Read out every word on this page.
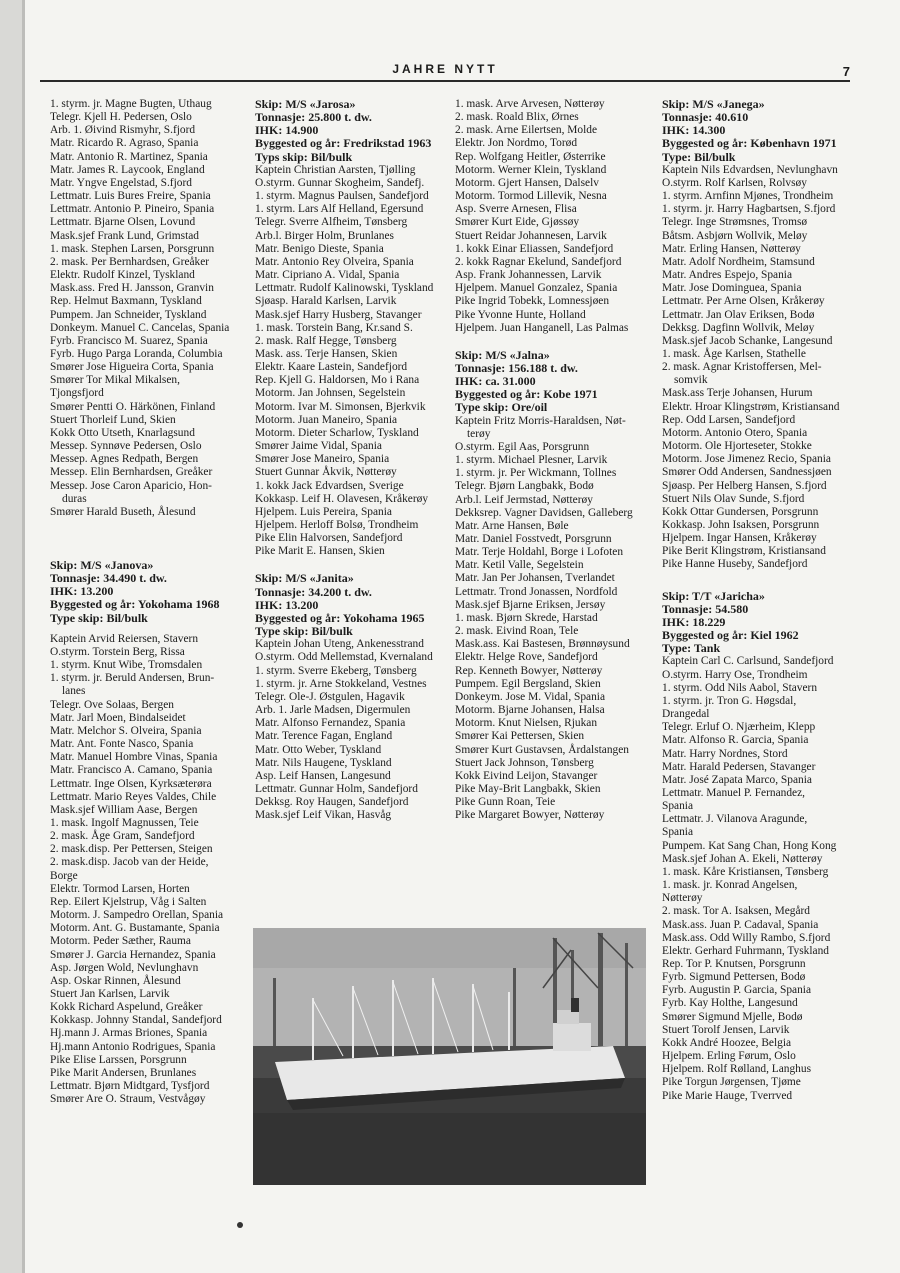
JAHRE NYTT	7
1. styrm. jr. Magne Bugten, Uthaug
Telegr. Kjell H. Pedersen, Oslo
Arb. 1. Øivind Rismyhr, S.fjord
Matr. Ricardo R. Agraso, Spania
Matr. Antonio R. Martinez, Spania
Matr. James R. Laycook, England
Matr. Yngve Engelstad, S.fjord
Lettmatr. Luis Bures Freire, Spania
Lettmatr. Antonio P. Pineiro, Spania
Lettmatr. Bjarne Olsen, Lovund
Mask.sjef Frank Lund, Grimstad
1. mask. Stephen Larsen, Porsgrunn
2. mask. Per Bernhardsen, Greåker
Elektr. Rudolf Kinzel, Tyskland
Mask.ass. Fred H. Jansson, Granvin
Rep. Helmut Baxmann, Tyskland
Pumpem. Jan Schneider, Tyskland
Donkeym. Manuel C. Cancelas, Spania
Fyrb. Francisco M. Suarez, Spania
Fyrb. Hugo Parga Loranda, Columbia
Smører Jose Higueira Corta, Spania
Smører Tor Mikal Mikalsen,
Tjongsfjord
Smører Pentti O. Härkönen, Finland
Stuert Thorleif Lund, Skien
Kokk Otto Utseth, Knarlagsund
Messep. Synnøve Pedersen, Oslo
Messep. Agnes Redpath, Bergen
Messep. Elin Bernhardsen, Greåker
Messep. Jose Caron Aparicio, Hon-
duras
Smører Harald Buseth, Ålesund
Skip: M/S «Janova»
Tonnasje: 34.490 t. dw.
IHK: 13.200
Byggested og år: Yokohama 1968
Type skip: Bil/bulk
Kaptein Arvid Reiersen, Stavern
O.styrm. Torstein Berg, Rissa
1. styrm. Knut Wibe, Tromsdalen
1. styrm. jr. Beruld Andersen, Brun-
lanes
Telegr. Ove Solaas, Bergen
Matr. Jarl Moen, Bindalseidet
Matr. Melchor S. Olveira, Spania
Matr. Ant. Fonte Nasco, Spania
Matr. Manuel Hombre Vinas, Spania
Matr. Francisco A. Camano, Spania
Lettmatr. Inge Olsen, Kyrksæterøra
Lettmatr. Mario Reyes Valdes, Chile
Mask.sjef William Aase, Bergen
1. mask. Ingolf Magnussen, Teie
2. mask. Åge Gram, Sandefjord
2. mask.disp. Per Pettersen, Steigen
2. mask.disp. Jacob van der Heide,
Borge
Elektr. Tormod Larsen, Horten
Rep. Eilert Kjelstrup, Våg i Salten
Motorm. J. Sampedro Orellan, Spania
Motorm. Ant. G. Bustamante, Spania
Motorm. Peder Sæther, Rauma
Smører J. Garcia Hernandez, Spania
Asp. Jørgen Wold, Nevlunghavn
Asp. Oskar Rinnen, Ålesund
Stuert Jan Karlsen, Larvik
Kokk Richard Aspelund, Greåker
Kokkasp. Johnny Standal, Sandefjord
Hj.mann J. Armas Briones, Spania
Hj.mann Antonio Rodrigues, Spania
Pike Elise Larssen, Porsgrunn
Pike Marit Andersen, Brunlanes
Lettmatr. Bjørn Midtgard, Tysfjord
Smører Are O. Straum, Vestvågøy
Skip: M/S «Jarosa»
Tonnasje: 25.800 t. dw.
IHK: 14.900
Byggested og år: Fredrikstad 1963
Typs skip: Bil/bulk
Kaptein Christian Aarsten, Tjølling
O.styrm. Gunnar Skogheim, Sandefj.
1. styrm. Magnus Paulsen, Sandefjord
1. styrm. Lars Alf Helland, Egersund
Telegr. Sverre Alfheim, Tønsberg
Arb.l. Birger Holm, Brunlanes
Matr. Benigo Dieste, Spania
Matr. Antonio Rey Olveira, Spania
Matr. Cipriano A. Vidal, Spania
Lettmatr. Rudolf Kalinowski, Tyskland
Sjøasp. Harald Karlsen, Larvik
Mask.sjef Harry Husberg, Stavanger
1. mask. Torstein Bang, Kr.sand S.
2. mask. Ralf Hegge, Tønsberg
Mask. ass. Terje Hansen, Skien
Elektr. Kaare Lastein, Sandefjord
Rep. Kjell G. Haldorsen, Mo i Rana
Motorm. Jan Johnsen, Segelstein
Motorm. Ivar M. Simonsen, Bjerkvik
Motorm. Juan Maneiro, Spania
Motorm. Dieter Scharlow, Tyskland
Smører Jaime Vidal, Spania
Smører Jose Maneiro, Spania
Stuert Gunnar Åkvik, Nøtterøy
1. kokk Jack Edvardsen, Sverige
Kokkasp. Leif H. Olavesen, Kråkerøy
Hjelpem. Luis Pereira, Spania
Hjelpem. Herloff Bolsø, Trondheim
Pike Elin Halvorsen, Sandefjord
Pike Marit E. Hansen, Skien
Skip: M/S «Janita»
Tonnasje: 34.200 t. dw.
IHK: 13.200
Byggested og år: Yokohama 1965
Type skip: Bil/bulk
Kaptein Johan Uteng, Ankenesstrand
O.styrm. Odd Mellemstad, Kvernaland
1. styrm. Sverre Ekeberg, Tønsberg
1. styrm. jr. Arne Stokkeland, Vestnes
Telegr. Ole-J. Østgulen, Hagavik
Arb. 1. Jarle Madsen, Digermulen
Matr. Alfonso Fernandez, Spania
Matr. Terence Fagan, England
Matr. Otto Weber, Tyskland
Matr. Nils Haugene, Tyskland
Asp. Leif Hansen, Langesund
Lettmatr. Gunnar Holm, Sandefjord
Dekksg. Roy Haugen, Sandefjord
Mask.sjef Leif Vikan, Hasvåg
1. mask. Arve Arvesen, Nøtterøy
2. mask. Roald Blix, Ørnes
2. mask. Arne Eilertsen, Molde
Elektr. Jon Nordmo, Torød
Rep. Wolfgang Heitler, Østerrike
Motorm. Werner Klein, Tyskland
Motorm. Gjert Hansen, Dalselv
Motorm. Tormod Lillevik, Nesna
Asp. Sverre Arnesen, Flisa
Smører Kurt Eide, Gjøssøy
Stuert Reidar Johannesen, Larvik
1. kokk Einar Eliassen, Sandefjord
2. kokk Ragnar Ekelund, Sandefjord
Asp. Frank Johannessen, Larvik
Hjelpem. Manuel Gonzalez, Spania
Pike Ingrid Tobekk, Lomnessjøen
Pike Yvonne Hunte, Holland
Hjelpem. Juan Hanganell, Las Palmas
Skip: M/S «Jalna»
Tonnasje: 156.188 t. dw.
IHK: ca. 31.000
Byggested og år: Kobe 1971
Type skip: Ore/oil
Kaptein Fritz Morris-Haraldsen, Nøt-
terøy
O.styrm. Egil Aas, Porsgrunn
1. styrm. Michael Plesner, Larvik
1. styrm. jr. Per Wickmann, Tollnes
Telegr. Bjørn Langbakk, Bodø
Arb.l. Leif Jermstad, Nøtterøy
Dekksrep. Vagner Davidsen, Galleberg
Matr. Arne Hansen, Bøle
Matr. Daniel Fosstvedt, Porsgrunn
Matr. Terje Holdahl, Borge i Lofoten
Matr. Ketil Valle, Segelstein
Matr. Jan Per Johansen, Tverlandet
Lettmatr. Trond Jonassen, Nordfold
Mask.sjef Bjarne Eriksen, Jersøy
1. mask. Bjørn Skrede, Harstad
2. mask. Eivind Roan, Tele
Mask.ass. Kai Bastesen, Brønnøysund
Elektr. Helge Rove, Sandefjord
Rep. Kenneth Bowyer, Nøtterøy
Pumpem. Egil Bergsland, Skien
Donkeym. Jose M. Vidal, Spania
Motorm. Bjarne Johansen, Halsa
Motorm. Knut Nielsen, Rjukan
Smører Kai Pettersen, Skien
Smører Kurt Gustavsen, Årdalstangen
Stuert Jack Johnson, Tønsberg
Kokk Eivind Leijon, Stavanger
Pike May-Brit Langbakk, Skien
Pike Gunn Roan, Teie
Pike Margaret Bowyer, Nøtterøy
Skip: M/S «Janega»
Tonnasje: 40.610
IHK: 14.300
Byggested og år: København 1971
Type: Bil/bulk
Kaptein Nils Edvardsen, Nevlunghavn
O.styrm. Rolf Karlsen, Rolvsøy
1. styrm. Arnfinn Mjønes, Trondheim
1. styrm. jr. Harry Hagbartsen, S.fjord
Telegr. Inge Strømsnes, Tromsø
Båtsm. Asbjørn Wollvik, Meløy
Matr. Erling Hansen, Nøtterøy
Matr. Adolf Nordheim, Stamsund
Matr. Andres Espejo, Spania
Matr. Jose Dominguea, Spania
Lettmatr. Per Arne Olsen, Kråkerøy
Lettmatr. Jan Olav Eriksen, Bodø
Dekksg. Dagfinn Wollvik, Meløy
Mask.sjef Jacob Schanke, Langesund
1. mask. Åge Karlsen, Stathelle
2. mask. Agnar Kristoffersen, Mel-
somvik
Mask.ass Terje Johansen, Hurum
Elektr. Hroar Klingstrøm, Kristiansand
Rep. Odd Larsen, Sandefjord
Motorm. Antonio Otero, Spania
Motorm. Ole Hjorteseter, Stokke
Motorm. Jose Jimenez Recio, Spania
Smører Odd Andersen, Sandnessjøen
Sjøasp. Per Helberg Hansen, S.fjord
Stuert Nils Olav Sunde, S.fjord
Kokk Ottar Gundersen, Porsgrunn
Kokkasp. John Isaksen, Porsgrunn
Hjelpem. Ingar Hansen, Kråkerøy
Pike Berit Klingstrøm, Kristiansand
Pike Hanne Huseby, Sandefjord
Skip: T/T «Jaricha»
Tonnasje: 54.580
IHK: 18.229
Byggested og år: Kiel 1962
Type: Tank
Kaptein Carl C. Carlsund, Sandefjord
O.styrm. Harry Ose, Trondheim
1. styrm. Odd Nils Aabol, Stavern
1. styrm. jr. Tron G. Høgsdal,
Drangedal
Telegr. Erluf O. Njærheim, Klepp
Matr. Alfonso R. Garcia, Spania
Matr. Harry Nordnes, Stord
Matr. Harald Pedersen, Stavanger
Matr. José Zapata Marco, Spania
Lettmatr. Manuel P. Fernandez,
Spania
Lettmatr. J. Vilanova Aragunde,
Spania
Pumpem. Kat Sang Chan, Hong Kong
Mask.sjef Johan A. Ekeli, Nøtterøy
1. mask. Kåre Kristiansen, Tønsberg
1. mask. jr. Konrad Angelsen,
Nøtterøy
2. mask. Tor A. Isaksen, Megård
Mask.ass. Juan P. Cadaval, Spania
Mask.ass. Odd Willy Rambo, S.fjord
Elektr. Gerhard Fuhrmann, Tyskland
Rep. Tor P. Knutsen, Porsgrunn
Fyrb. Sigmund Pettersen, Bodø
Fyrb. Augustin P. Garcia, Spania
Fyrb. Kay Holthe, Langesund
Smører Sigmund Mjelle, Bodø
Stuert Torolf Jensen, Larvik
Kokk André Hoozee, Belgia
Hjelpem. Erling Førum, Oslo
Hjelpem. Rolf Rølland, Langhus
Pike Torgun Jørgensen, Tjøme
Pike Marie Hauge, Tverrved
